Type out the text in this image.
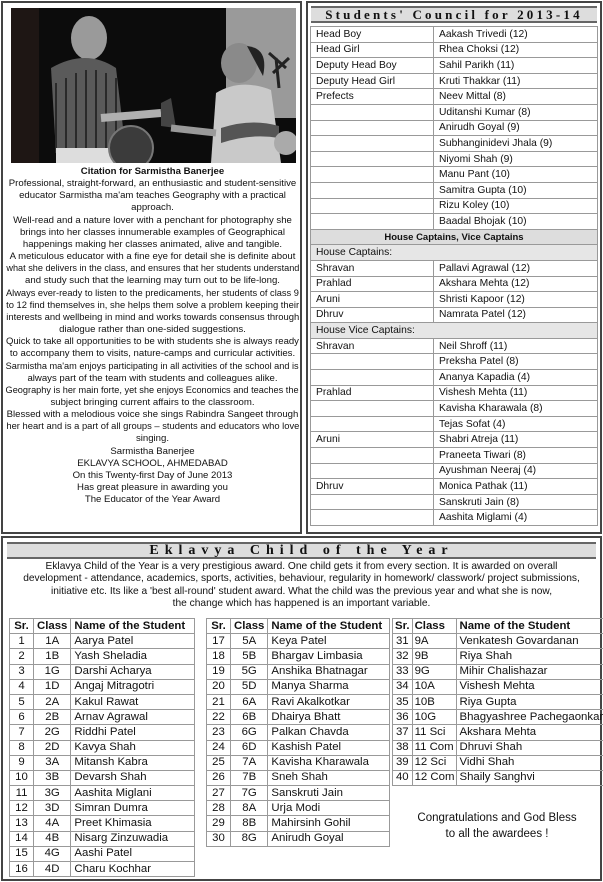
Citation for Sarmistha Banerjee
Professional, straight-forward, an enthusiastic and student-sensitive
educator Sarmistha ma'am teaches Geography with a practical
approach.
Well-read and a nature lover with a penchant for photography she
brings into her classes innumerable examples of Geographical
happenings making her classes animated, alive and tangible.
A meticulous educator with a fine eye for detail she is definite about
what she delivers in the class, and ensures that her students understand
and study such that the learning may turn out to be life-long.
Always ever-ready to listen to the predicaments, her students of class 9
to 12 find themselves in, she helps them solve a problem keeping their
interests and wellbeing in mind and works towards consensus through
dialogue rather than one-sided suggestions.
Quick to take all opportunities to be with students she is always ready
to accompany them to visits, nature-camps and curricular activities.
Sarmistha ma'am enjoys participating in all activities of the school and is
always part of the team with students and colleagues alike.
Geography is her main forte, yet she enjoys Economics and teaches the
subject bringing current affairs to the classroom.
Blessed with a melodious voice she sings Rabindra Sangeet through
her heart and is a part of all groups – students and educators who love
singing.
Sarmistha Banerjee
EKLAVYA SCHOOL, AHMEDABAD
On this Twenty-first Day of June 2013
Has great pleasure in awarding you
The Educator of the Year Award
Students' Council for 2013-14
Head Boy	Aakash Trivedi (12)
Head Girl	Rhea Choksi (12)
Deputy Head Boy	Sahil Parikh (11)
Deputy Head Girl	Kruti Thakkar (11)
Prefects	Neev Mittal (8)
	Uditanshi Kumar (8)
	Anirudh Goyal (9)
	Subhanginidevi Jhala (9)
	Niyomi Shah (9)
	Manu Pant (10)
	Samitra Gupta (10)
	Rizu Koley (10)
	Baadal Bhojak (10)
House Captains, Vice Captains	
House Captains:	
Shravan	Pallavi Agrawal (12)
Prahlad	Akshara Mehta (12)
Aruni	Shristi Kapoor (12)
Dhruv	Namrata Patel (12)
House Vice Captains:	
Shravan	Neil Shroff (11)
	Preksha Patel (8)
	Ananya Kapadia (4)
Prahlad	Vishesh Mehta (11)
	Kavisha Kharawala (8)
	Tejas Sofat (4)
Aruni	Shabri Atreja (11)
	Praneeta Tiwari (8)
	Ayushman Neeraj (4)
Dhruv	Monica Pathak (11)
	Sanskruti Jain (8)
	Aashita Miglami (4)
Eklavya Child of the Year
Eklavya Child of the Year is a very prestigious award. One child gets it from every section. It is awarded on overall
development - attendance, academics, sports, activities, behaviour, regularity in homework/ classwork/ project submissions,
initiative etc. Its like a 'best all-round' student award. What the child was the previous year and what she is now,
the change which has happened is an important variable.
Sr.	Class	Name of the Student
1	1A	Aarya Patel
2	1B	Yash Sheladia
3	1G	Darshi Acharya
4	1D	Angaj Mitragotri
5	2A	Kakul Rawat
6	2B	Arnav Agrawal
7	2G	Riddhi Patel
8	2D	Kavya Shah
9	3A	Mitansh Kabra
10	3B	Devarsh Shah
11	3G	Aashita Miglani
12	3D	Simran Dumra
13	4A	Preet Khimasia
14	4B	Nisarg Zinzuwadia
15	4G	Aashi Patel
16	4D	Charu Kochhar
Sr.	Class	Name of the Student
17	5A	Keya Patel
18	5B	Bhargav Limbasia
19	5G	Anshika Bhatnagar
20	5D	Manya Sharma
21	6A	Ravi Akalkotkar
22	6B	Dhairya Bhatt
23	6G	Palkan Chavda
24	6D	Kashish Patel
25	7A	Kavisha Kharawala
26	7B	Sneh Shah
27	7G	Sanskruti Jain
28	8A	Urja Modi
29	8B	Mahirsinh Gohil
30	8G	Anirudh Goyal
Sr.	Class	Name of the Student
31	9A	Venkatesh Govardanan
32	9B	Riya Shah
33	9G	Mihir Chalishazar
34	10A	Vishesh Mehta
35	10B	Riya Gupta
36	10G	Bhagyashree Pachegaonkar
37	11 Sci	Akshara Mehta
38	11 Com	Dhruvi Shah
39	12 Sci	Vidhi Shah
40	12 Com	Shaily Sanghvi
Congratulations and God Bless
to all the awardees !
